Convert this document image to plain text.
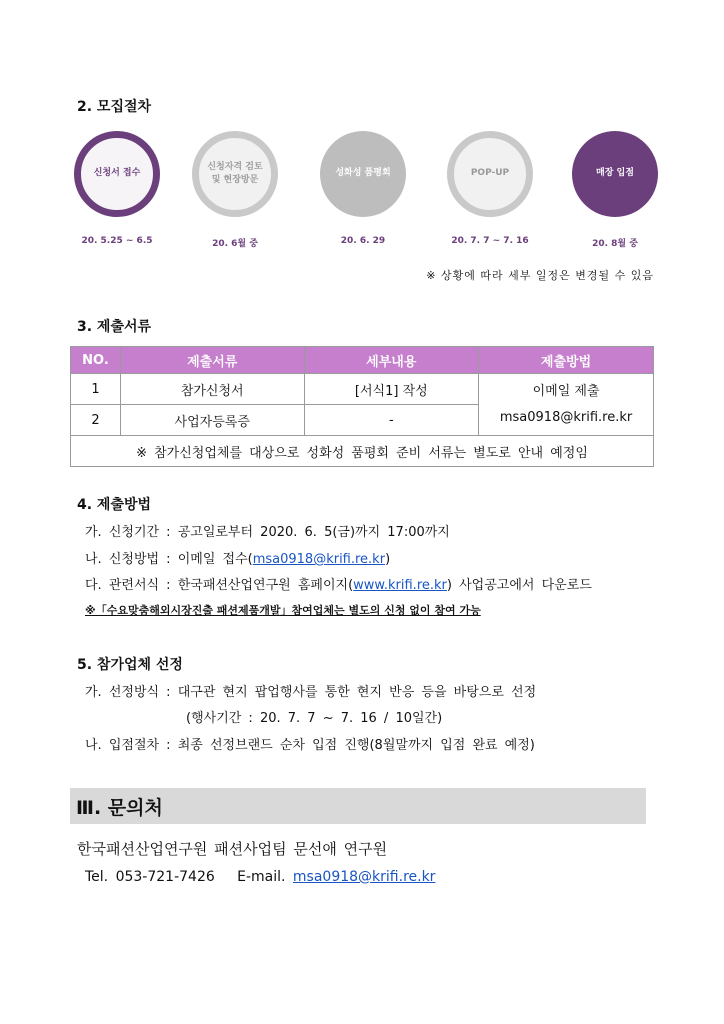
2. 모집절차
신청서 접수
신청자격 검토
및 현장방문
성화성 품평회	POP-UP	매장 입점
20. 5.25 ~ 6.5	20. 6월 중	20. 6. 29	20. 7. 7 ~ 7. 16	20. 8월 중
※ 상황에 따라 세부 일정은 변경될 수 있음
3. 제출서류
NO.	제출서류	세부내용	제출방법
1	참가신청서	[서식1] 작성	이메일 제출
msa0918@krifi.re.kr

2	사업자등록증	-	
※ 참가신청업체를 대상으로 성화성 품평회 준비 서류는 별도로 안내 예정임			
4. 제출방법
가. 신청기간 : 공고일로부터 2020. 6. 5(금)까지 17:00까지
나. 신청방법 : 이메일 접수(msa0918@krifi.re.kr)
다. 관련서식 : 한국패션산업연구원 홈페이지(www.krifi.re.kr) 사업공고에서 다운로드
※「수요맞춤해외시장진출 패션제품개발」참여업체는 별도의 신청 없이 참여 가능
5. 참가업체 선정
가. 선정방식 : 대구관 현지 팝업행사를 통한 현지 반응 등을 바탕으로 선정
(행사기간 : 20. 7. 7 ~ 7. 16 / 10일간)
나. 입점절차 : 최종 선정브랜드 순차 입점 진행(8월말까지 입점 완료 예정)
Ⅲ. 문의처
한국패션산업연구원 패션사업팀 문선애 연구원
Tel. 053-721-7426   E-mail. msa0918@krifi.re.kr
